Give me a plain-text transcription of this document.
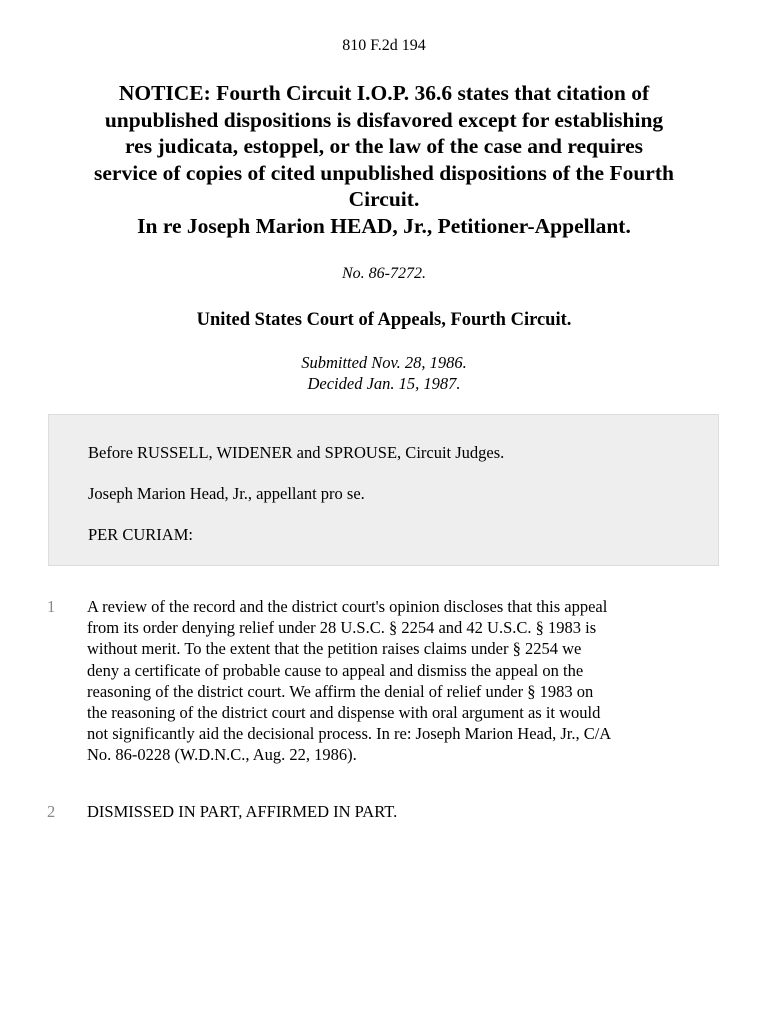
810 F.2d 194
NOTICE: Fourth Circuit I.O.P. 36.6 states that citation of
unpublished dispositions is disfavored except for establishing
res judicata, estoppel, or the law of the case and requires
service of copies of cited unpublished dispositions of the Fourth
Circuit.
In re Joseph Marion HEAD, Jr., Petitioner-Appellant.
No. 86-7272.
United States Court of Appeals, Fourth Circuit.
Submitted Nov. 28, 1986.
Decided Jan. 15, 1987.

Before RUSSELL, WIDENER and SPROUSE, Circuit Judges.

Joseph Marion Head, Jr., appellant pro se.

PER CURIAM:

1 A review of the record and the district court's opinion discloses that this appeal
from its order denying relief under 28 U.S.C. § 2254 and 42 U.S.C. § 1983 is
without merit. To the extent that the petition raises claims under § 2254 we
deny a certificate of probable cause to appeal and dismiss the appeal on the
reasoning of the district court. We affirm the denial of relief under § 1983 on
the reasoning of the district court and dispense with oral argument as it would
not significantly aid the decisional process. In re: Joseph Marion Head, Jr., C/A
No. 86-0228 (W.D.N.C., Aug. 22, 1986).
2 DISMISSED IN PART, AFFIRMED IN PART.
